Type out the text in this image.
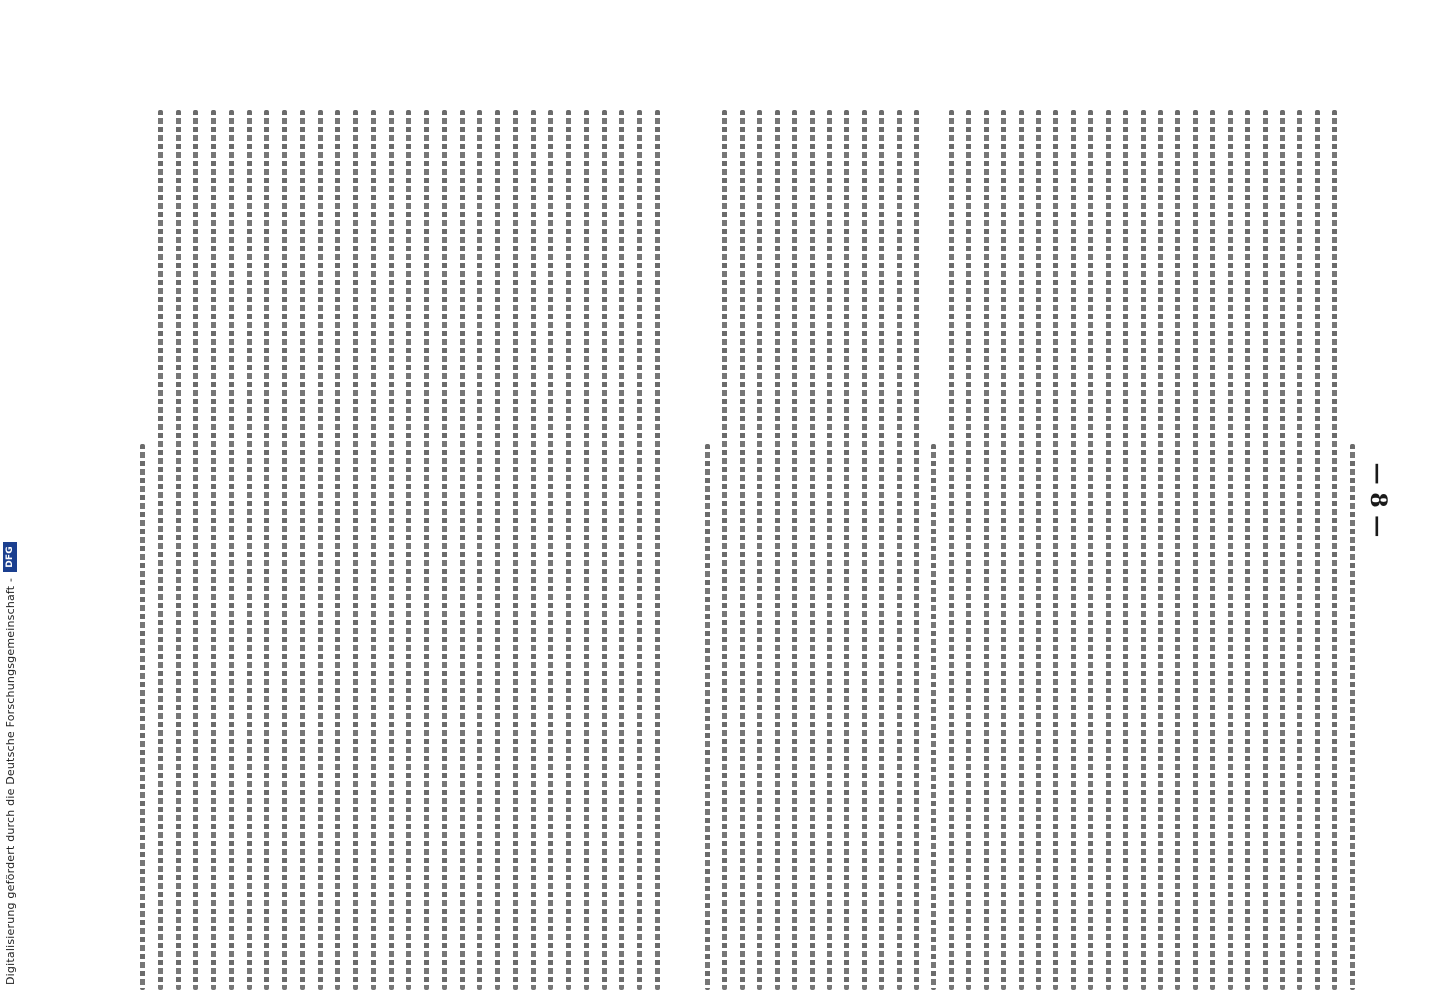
Digitalisierung gefördert durch die Deutsche Forschungsgemeinschaft -
DFG
— 8 —
